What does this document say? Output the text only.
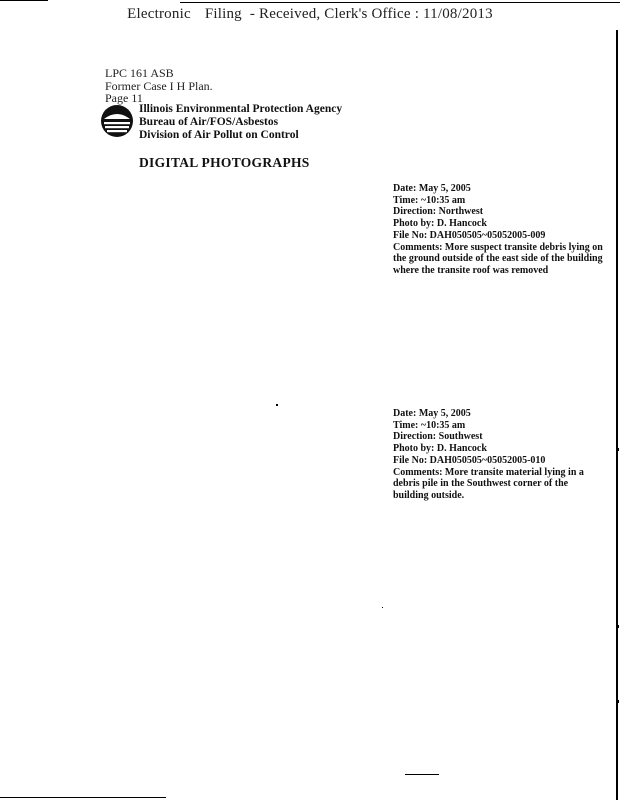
Electronic Filing - Received, Clerk's Office : 11/08/2013
LPC 161 ASB
Former Case I H Plan.
Page 11
Illinois Environmental Protection Agency
Bureau of Air/FOS/Asbestos
Division of Air Pollut on Control
DIGITAL PHOTOGRAPHS
Date: May 5, 2005
Time: ~10:35 am
Direction: Northwest
Photo by: D. Hancock
File No: DAH050505~05052005-009
Comments: More suspect transite debris lying on the ground outside of the east side of the building where the transite roof was removed
Date: May 5, 2005
Time: ~10:35 am
Direction: Southwest
Photo by: D. Hancock
File No: DAH050505~05052005-010
Comments: More transite material lying in a debris pile in the Southwest corner of the building outside.
